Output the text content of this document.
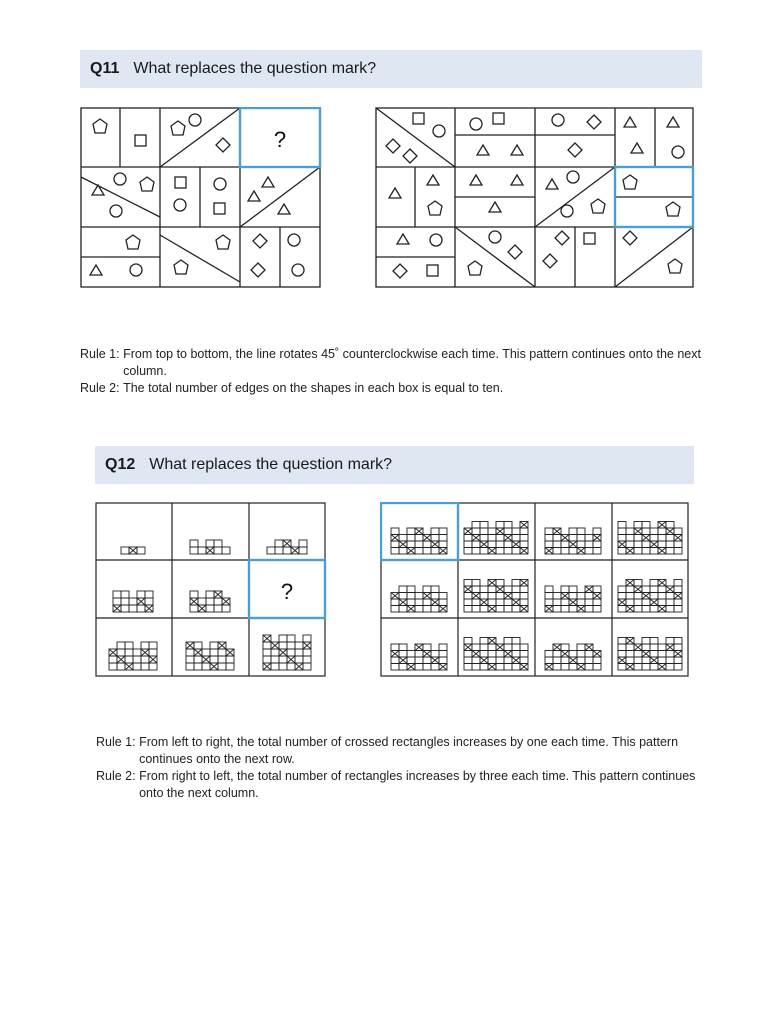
Q11 What replaces the question mark?
?
Rule 1: From top to bottom, the line rotates 45˚ counterclockwise each time. This pattern continues onto the next column.
Rule 2: The total number of edges on the shapes in each box is equal to ten.
Q12 What replaces the question mark?
?
Rule 1: From left to right, the total number of crossed rectangles increases by one each time. This pattern continues onto the next row.
Rule 2: From right to left, the total number of rectangles increases by three each time. This pattern continues onto the next column.
